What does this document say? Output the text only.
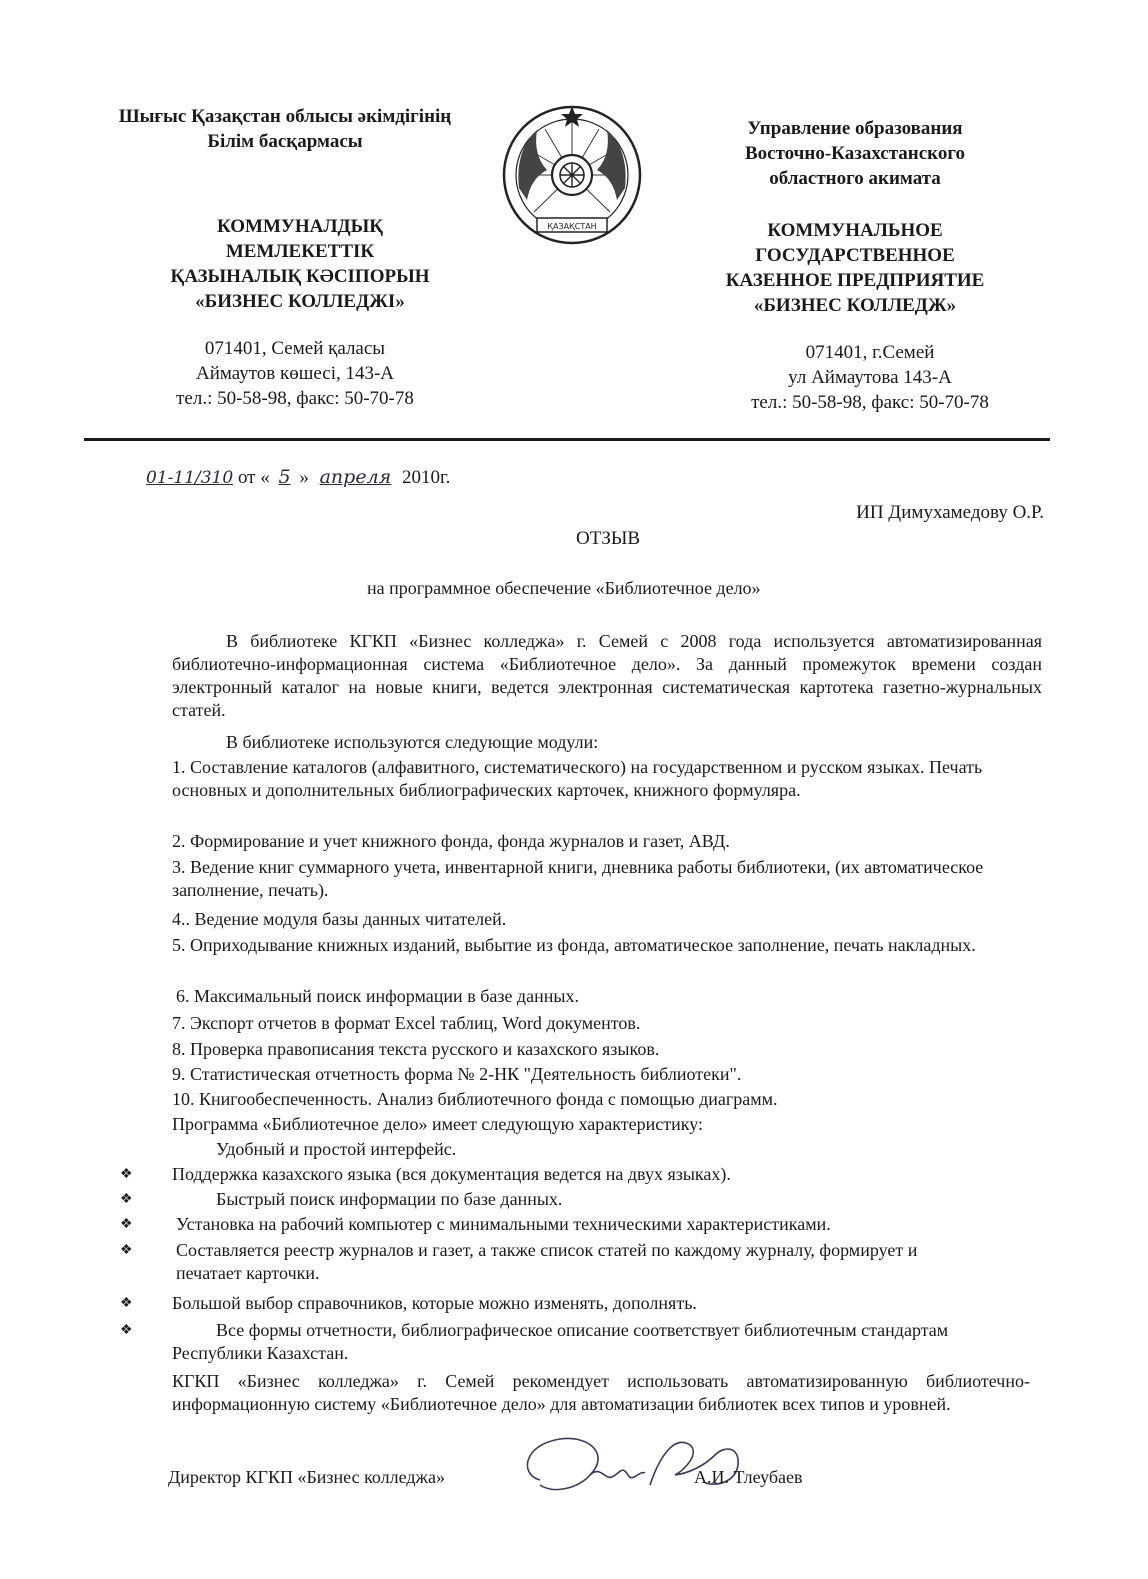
Шығыс Қазақстан облысы әкімдігінің
Білім басқармасы
КОММУНАЛДЫҚ
МЕМЛЕКЕТТІК
ҚАЗЫНАЛЫҚ КӘСІПОРЫН
«БИЗНЕС КОЛЛЕДЖІ»
071401, Семей қаласы
Аймаутов көшесі, 143-А
тел.: 50-58-98, факс: 50-70-78
ҚАЗАҚСТАН
Управление образования
Восточно-Казахстанского
областного акимата
КОММУНАЛЬНОЕ
ГОСУДАРСТВЕННОЕ
КАЗЕННОЕ ПРЕДПРИЯТИЕ
«БИЗНЕС КОЛЛЕДЖ»
071401, г.Семей
ул Аймаутова 143-А
тел.: 50-58-98, факс: 50-70-78
01-11/310 от « 5 » апреля 2010г.
ИП Димухамедову О.Р.
ОТЗЫВ
на программное обеспечение «Библиотечное дело»
В библиотеке КГКП «Бизнес колледжа» г. Семей с 2008 года используется автоматизированная библиотечно-информационная система «Библиотечное дело». За данный промежуток времени создан электронный каталог на новые книги, ведется электронная систематическая картотека газетно-журнальных статей.
В библиотеке используются следующие модули:
1. Составление каталогов (алфавитного, систематического) на государственном и русском языках. Печать основных и дополнительных библиографических карточек, книжного формуляра.
2. Формирование и учет книжного фонда, фонда журналов и газет, АВД.
3. Ведение книг суммарного учета, инвентарной книги, дневника работы библиотеки, (их автоматическое заполнение, печать).
4.. Ведение модуля базы данных читателей.
5. Оприходывание книжных изданий, выбытие из фонда, автоматическое заполнение, печать накладных.
6. Максимальный поиск информации в базе данных.
7. Экспорт отчетов в формат Excel таблиц, Word документов.
8. Проверка правописания текста русского и казахского языков.
9. Статистическая отчетность форма № 2-НК "Деятельность библиотеки".
10. Книгообеспеченность. Анализ библиотечного фонда с помощью диаграмм.
Программа «Библиотечное дело» имеет следующую характеристику:
Удобный и простой интерфейс.
❖ Поддержка казахского языка (вся документация ведется на двух языках).
❖	Быстрый поиск информации по базе данных.
❖ Установка на рабочий компьютер с минимальными техническими характеристиками.
❖ Составляется реестр журналов и газет, а также список статей по каждому журналу, формирует и печатает карточки.
❖ Большой выбор справочников, которые можно изменять, дополнять.
❖	Все формы отчетности, библиографическое описание соответствует библиотечным стандартам Республики Казахстан.
КГКП «Бизнес колледжа» г. Семей рекомендует использовать автоматизированную библиотечно-информационную систему «Библиотечное дело» для автоматизации библиотек всех типов и уровней.
Директор КГКП «Бизнес колледжа»	А.И. Тлеубаев
